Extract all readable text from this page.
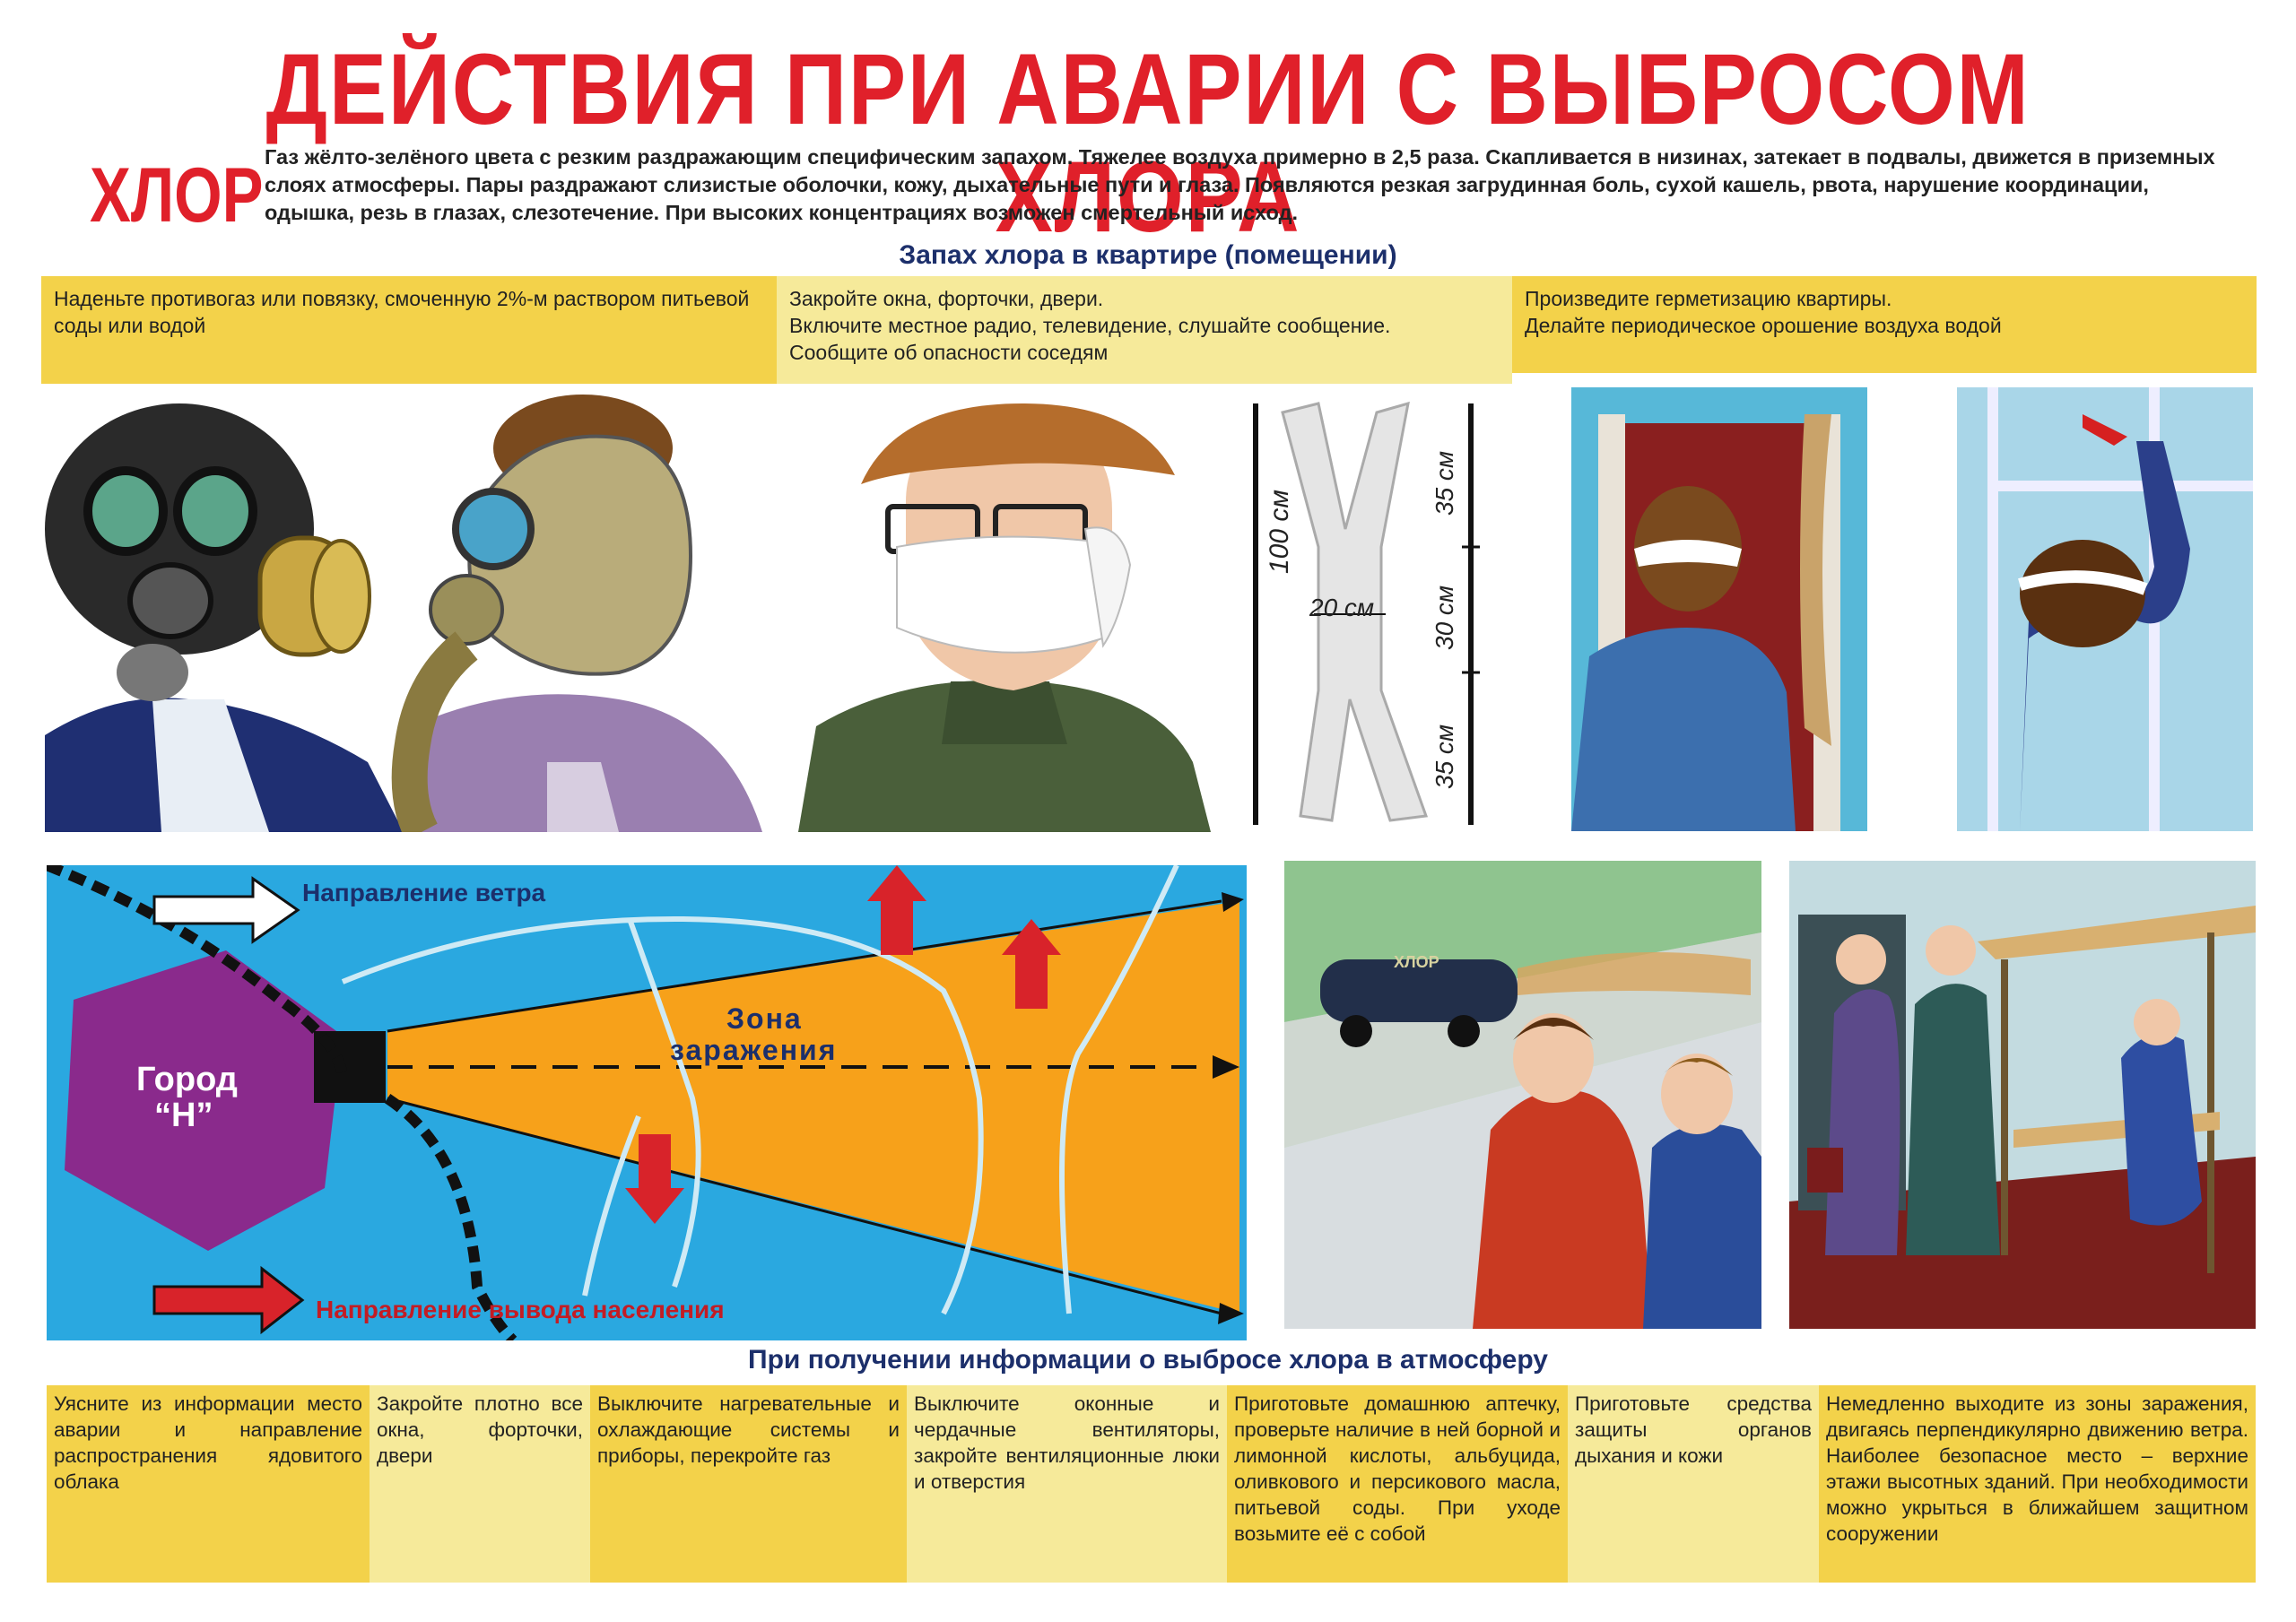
ДЕЙСТВИЯ ПРИ АВАРИИ С ВЫБРОСОМ ХЛОРА
ХЛОР Газ жёлто-зелёного цвета с резким раздражающим специфическим запахом. Тяжелее воздуха примерно в 2,5 раза. Скапливается в низинах, затекает в подвалы, движется в приземных слоях атмосферы. Пары раздражают слизистые оболочки, кожу, дыхательные пути и глаза. Появляются резкая загрудинная боль, сухой кашель, рвота, нарушение координации, одышка, резь в глазах, слезотечение. При высоких концентрациях возможен смертельный исход.
Запах хлора в квартире (помещении)
Наденьте противогаз или повязку, смоченную 2%-м раствором питьевой соды или водой
Закройте окна, форточки, двери.
Включите местное радио, телевидение, слушайте сообщение.
Сообщите об опасности соседям
Произведите герметизацию квартиры.
Делайте периодическое орошение воздуха водой
100 см
20 см
35 см
30 см
35 см
Направление ветра
Зона
заражения
Город
“Н”
Направление вывода населения
ХЛОР
При получении информации о выбросе хлора в атмосферу
Уясните из информации место аварии и направление распространения ядовитого облака
Закройте плотно все окна, форточки, двери
Выключите нагревательные и охлаждающие системы и приборы, перекройте газ
Выключите оконные и чердачные вентиляторы, закройте вентиляционные люки и отверстия
Приготовьте домашнюю аптечку, проверьте наличие в ней борной и лимонной кислоты, альбуцида, оливкового и персикового масла, питьевой соды. При уходе возьмите её с собой
Приготовьте средства защиты органов дыхания и кожи
Немедленно выходите из зоны заражения, двигаясь перпендикулярно движению ветра. Наиболее безопасное место – верхние этажи высотных зданий. При необходимости можно укрыться в ближайшем защитном сооружении
